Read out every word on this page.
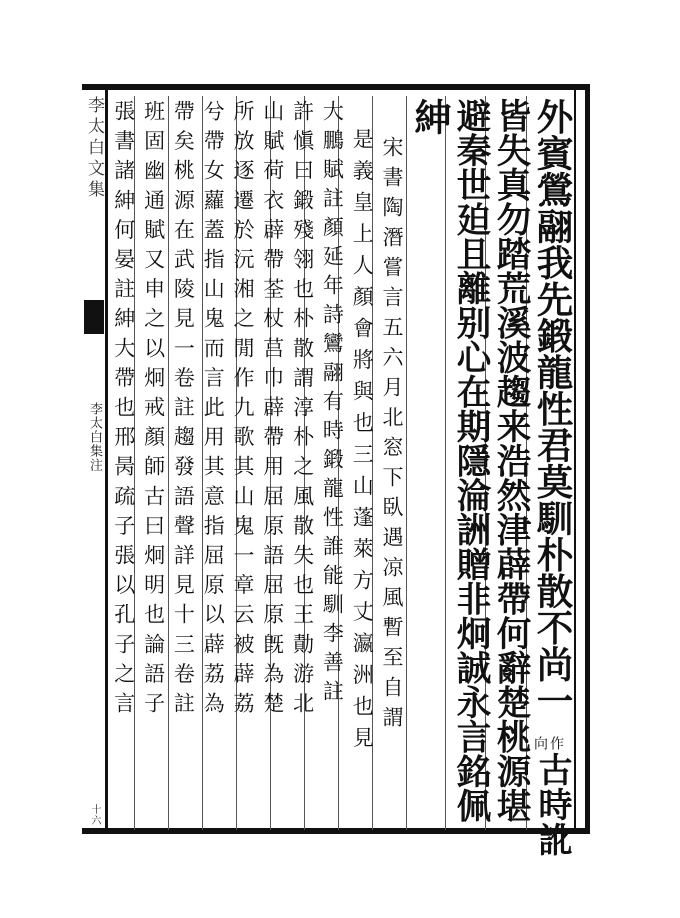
李太白文集
李太白集注
十六
外賓鶯翮我先鍛龍性君莫馴朴散不尚一
作
向
古時訛
皆失真勿踏荒溪波趨来浩然津薜帶何辭楚桃源堪
避秦世廹且離别心在期隱淪詶贈非炯誠永言銘佩
紳
宋書陶潛嘗言五六月北窓下臥遇凉風暫至自謂
是義皇上人顏會將與也三山蓬萊方丈瀛洲也見
大鵬賦註顏延年詩鸞翮有時鍛龍性誰能馴李善註
許愼曰鍛殘翎也朴散謂淳朴之風散失也王勣游北
山賦荷衣薜帶荃杖莒巾薜帶用屈原語屈原旣為楚
所放逐遷於沅湘之閒作九歌其山鬼一章云被薜荔
兮帶女蘿蓋指山鬼而言此用其意指屈原以薜荔為
帶矣桃源在武陵見一卷註趨發語聲詳見十三卷註
班固幽通賦又申之以炯戒顏師古曰炯明也論語子
張書諸紳何晏註紳大帶也邢昺疏子張以孔子之言
